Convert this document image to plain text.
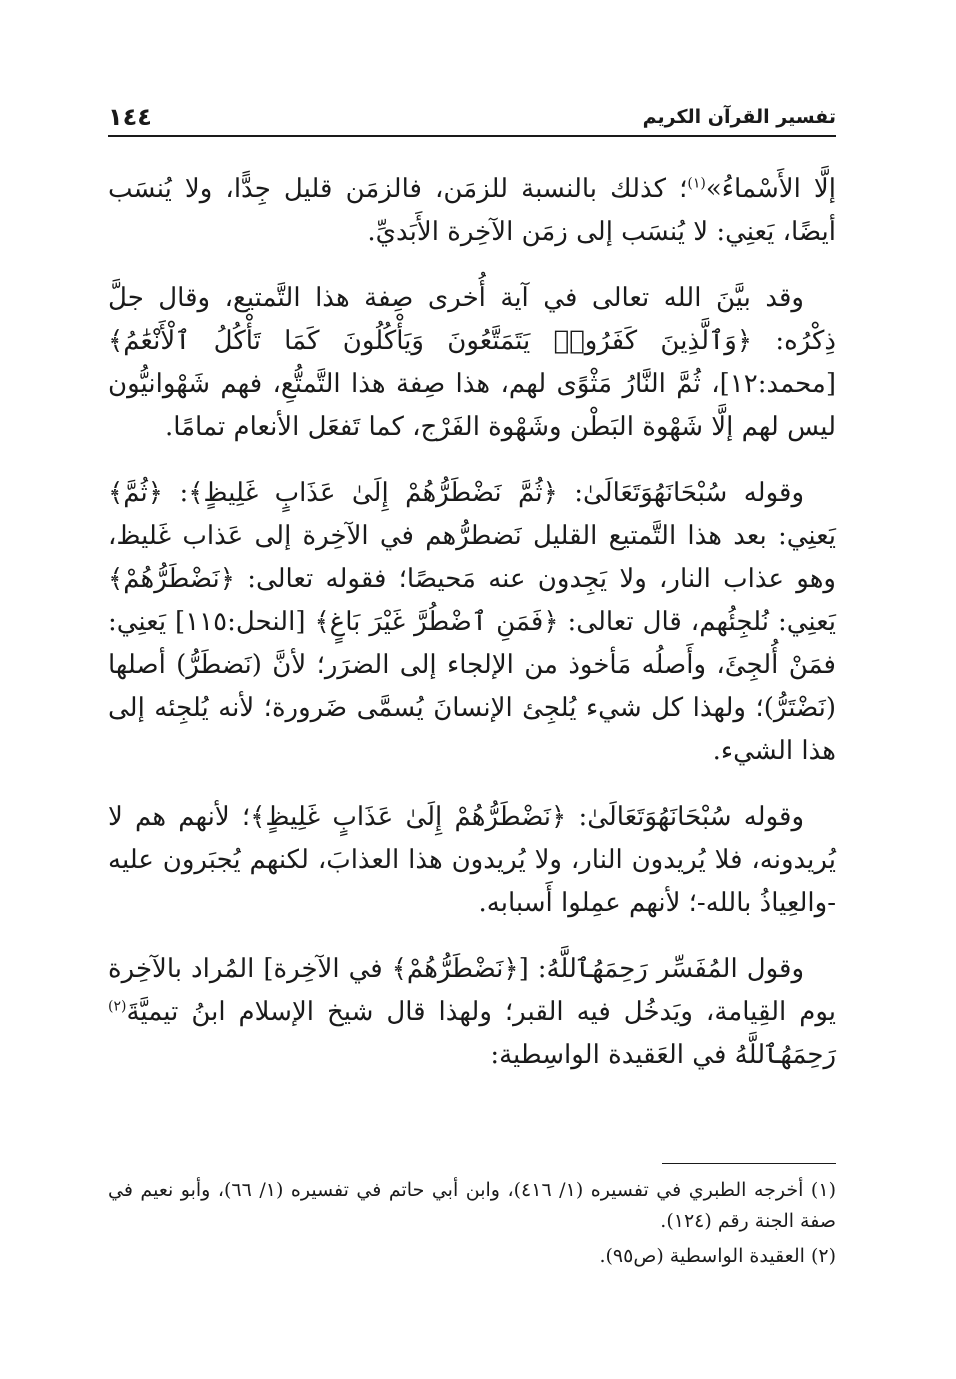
١٤٤	تفسير القرآن الكريم

إلَّا الأَسْماءُ»$^{(١)}$؛ كذلك بالنسبة للزمَن، فالزمَن قليل جِدًّا، ولا يُنسَب أيضًا، يَعنِي: لا يُنسَب إلى زمَن الآخِرة الأَبَديِّ.

وقد بيَّنَ الله تعالى في آية أُخرى صِفة هذا التَّمتيع، وقال جلَّ ذِكْرُه: ﴿وَٱلَّذِينَ كَفَرُوا۟ يَتَمَتَّعُونَ وَيَأْكُلُونَ كَمَا تَأْكُلُ ٱلْأَنْعَٰمُ﴾ [محمد:١٢]، ثُمَّ النَّارُ مَثْوًى لهم، هذا صِفة هذا التَّمتُّعِ، فهم شَهْوانيُّون ليس لهم إلَّا شَهْوة البَطْن وشَهْوة الفَرْج، كما تَفعَل الأنعام تمامًا.

وقوله سُبْحَانَهُوَتَعَالَىٰ: ﴿ثُمَّ نَضْطَرُّهُمْ إِلَىٰ عَذَابٍ غَلِيظٍ﴾: ﴿ثُمَّ﴾ يَعنِي: بعد هذا التَّمتيع القليل نَضطرُّهم في الآخِرة إلى عَذاب غَليظ، وهو عذاب النار، ولا يَجِدون عنه مَحيصًا؛ فقوله تعالى: ﴿نَضْطَرُّهُمْ﴾ يَعنِي: نُلجِئُهم، قال تعالى: ﴿فَمَنِ ٱضْطُرَّ غَيْرَ بَاغٍ﴾ [النحل:١١٥] يَعنِي: فمَنْ أُلجِئَ، وأَصلُه مَأخوذ من الإلجاء إلى الضرَر؛ لأنَّ (نَضطَرُّ) أصلها (نَضْتَرُّ)؛ ولهذا كل شيء يُلجِئ الإنسانَ يُسمَّى ضَرورة؛ لأنه يُلجِئه إلى هذا الشيء.

وقوله سُبْحَانَهُوَتَعَالَىٰ: ﴿نَضْطَرُّهُمْ إِلَىٰ عَذَابٍ غَلِيظٍ﴾؛ لأنهم هم لا يُريدونه، فلا يُريدون النار، ولا يُريدون هذا العذابَ، لكنهم يُجبَرون عليه -والعِياذُ بالله-؛ لأنهم عمِلوا أَسبابه.

وقول المُفَسِّر رَحِمَهُٱللَّهُ: [﴿نَضْطَرُّهُمْ﴾ في الآخِرة] المُراد بالآخِرة يوم القِيامة، ويَدخُل فيه القبر؛ ولهذا قال شيخ الإسلام ابنُ تيميَّةَ$^{(٢)}$ رَحِمَهُٱللَّهُ في العَقيدة الواسِطية:

(١) أخرجه الطبري في تفسيره (١/ ٤١٦)، وابن أبي حاتم في تفسيره (١/ ٦٦)، وأبو نعيم في صفة الجنة رقم (١٢٤).

(٢) العقيدة الواسطية (ص٩٥).
